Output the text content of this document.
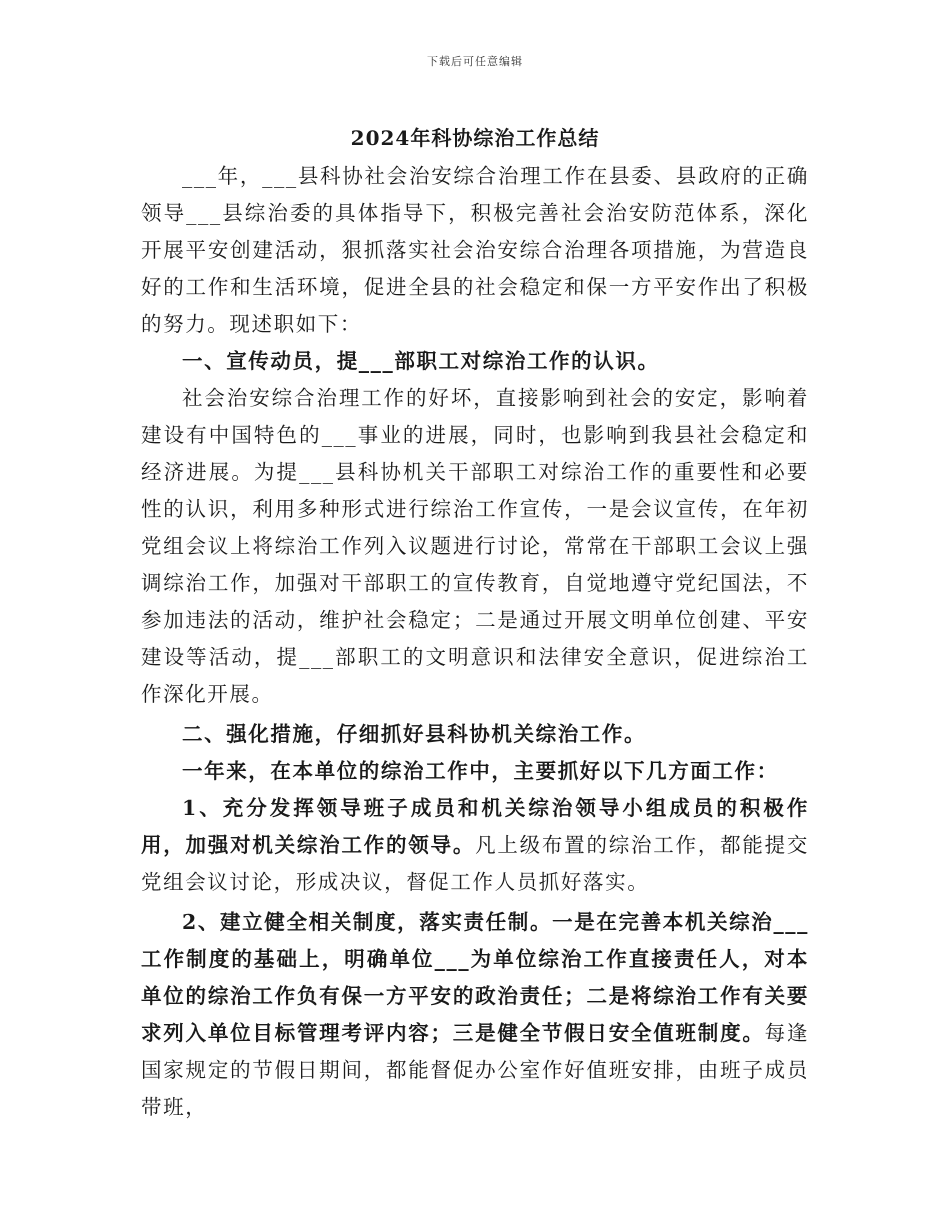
下载后可任意编辑
2024年科协综治工作总结

___年，___县科协社会治安综合治理工作在县委、县政府的正确领导___县综治委的具体指导下，积极完善社会治安防范体系，深化开展平安创建活动，狠抓落实社会治安综合治理各项措施，为营造良好的工作和生活环境，促进全县的社会稳定和保一方平安作出了积极的努力。现述职如下：

一、宣传动员，提___部职工对综治工作的认识。

社会治安综合治理工作的好坏，直接影响到社会的安定，影响着建设有中国特色的___事业的进展，同时，也影响到我县社会稳定和经济进展。为提___县科协机关干部职工对综治工作的重要性和必要性的认识，利用多种形式进行综治工作宣传，一是会议宣传，在年初党组会议上将综治工作列入议题进行讨论，常常在干部职工会议上强调综治工作，加强对干部职工的宣传教育，自觉地遵守党纪国法，不参加违法的活动，维护社会稳定；二是通过开展文明单位创建、平安建设等活动，提___部职工的文明意识和法律安全意识，促进综治工作深化开展。

二、强化措施，仔细抓好县科协机关综治工作。

一年来，在本单位的综治工作中，主要抓好以下几方面工作：

1、充分发挥领导班子成员和机关综治领导小组成员的积极作用，加强对机关综治工作的领导。凡上级布置的综治工作，都能提交党组会议讨论，形成决议，督促工作人员抓好落实。

2、建立健全相关制度，落实责任制。一是在完善本机关综治___工作制度的基础上，明确单位___为单位综治工作直接责任人，对本单位的综治工作负有保一方平安的政治责任；二是将综治工作有关要求列入单位目标管理考评内容；三是健全节假日安全值班制度。每逢国家规定的节假日期间，都能督促办公室作好值班安排，由班子成员带班，
